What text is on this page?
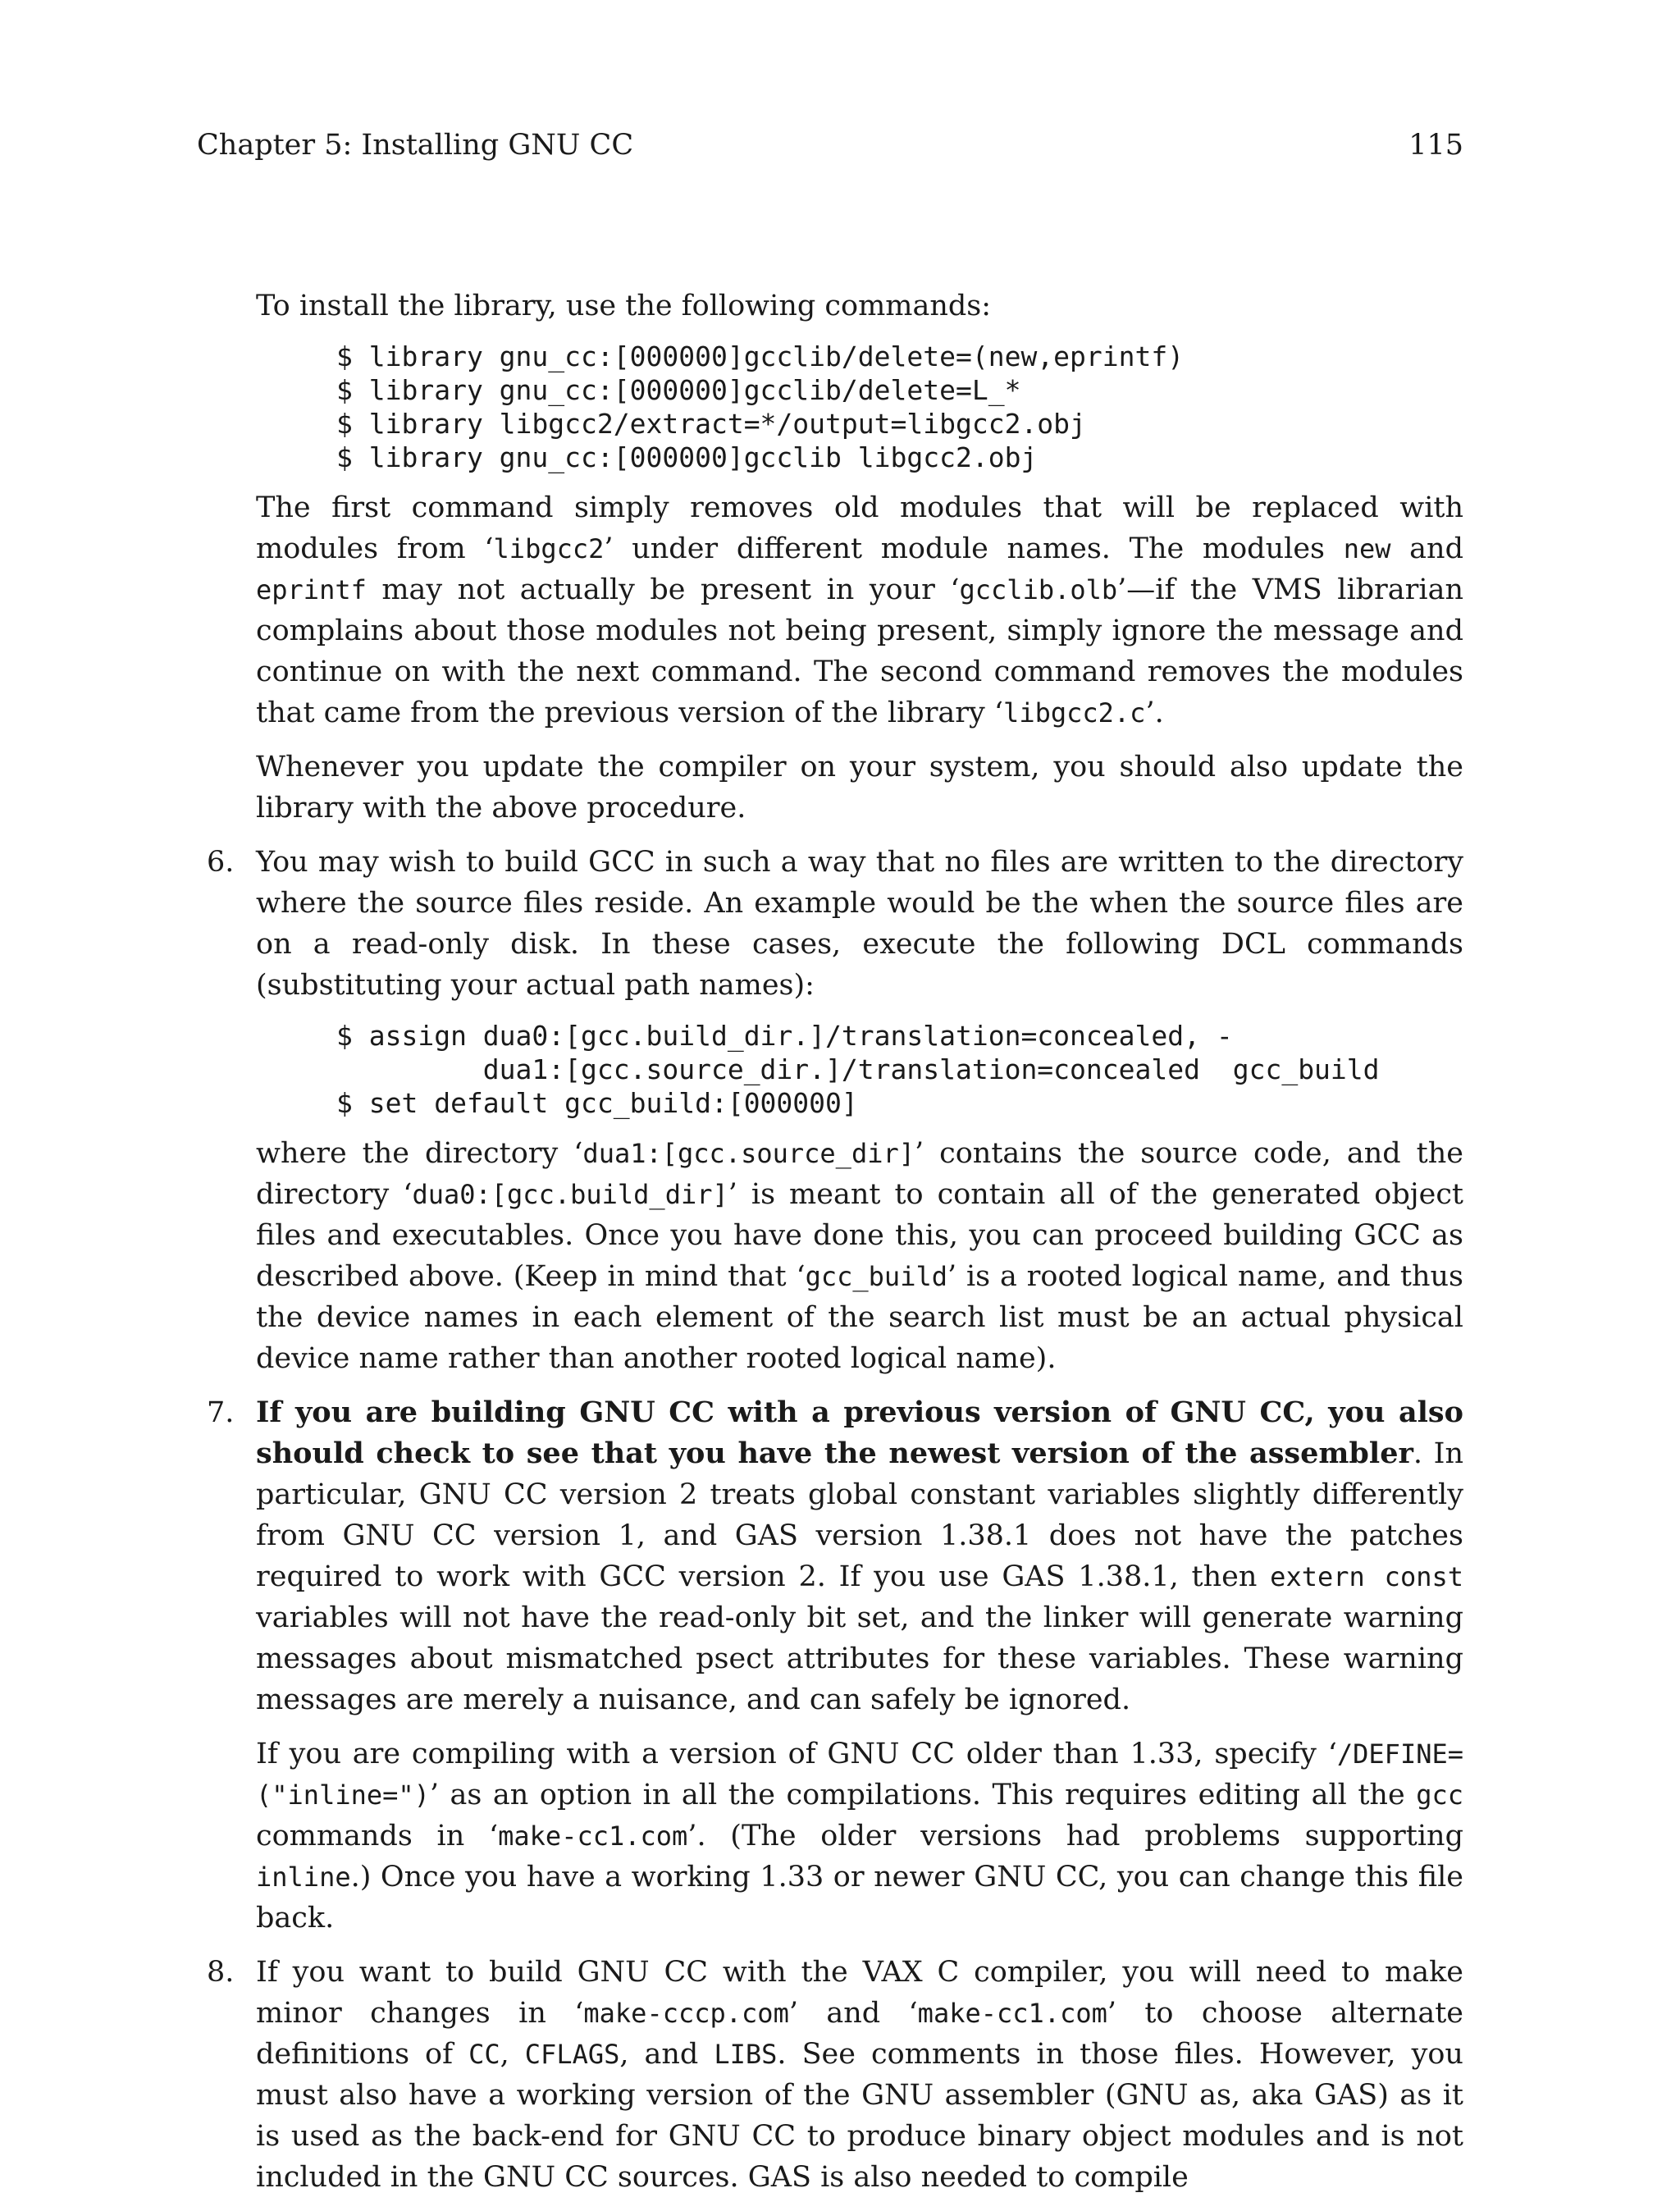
Chapter 5: Installing GNU CC	115

To install the library, use the following commands:

$ library gnu_cc:[000000]gcclib/delete=(new,eprintf)
$ library gnu_cc:[000000]gcclib/delete=L_*
$ library libgcc2/extract=*/output=libgcc2.obj
$ library gnu_cc:[000000]gcclib libgcc2.obj

The first command simply removes old modules that will be replaced with modules from ‘libgcc2’ under different module names. The modules new and eprintf may not actually be present in your ‘gcclib.olb’—if the VMS librarian complains about those modules not being present, simply ignore the message and continue on with the next command. The second command removes the modules that came from the previous version of the library ‘libgcc2.c’.

Whenever you update the compiler on your system, you should also update the library with the above procedure.

6. You may wish to build GCC in such a way that no files are written to the directory where the source files reside. An example would be the when the source files are on a read-only disk. In these cases, execute the following DCL commands (substituting your actual path names):

$ assign dua0:[gcc.build_dir.]/translation=concealed, -
dua1:[gcc.source_dir.]/translation=concealed  gcc_build
$ set default gcc_build:[000000]

where the directory ‘dua1:[gcc.source_dir]’ contains the source code, and the directory ‘dua0:[gcc.build_dir]’ is meant to contain all of the generated object files and executables. Once you have done this, you can proceed building GCC as described above. (Keep in mind that ‘gcc_build’ is a rooted logical name, and thus the device names in each element of the search list must be an actual physical device name rather than another rooted logical name).

7. If you are building GNU CC with a previous version of GNU CC, you also should check to see that you have the newest version of the assembler. In particular, GNU CC version 2 treats global constant variables slightly differently from GNU CC version 1, and GAS version 1.38.1 does not have the patches required to work with GCC version 2. If you use GAS 1.38.1, then extern const variables will not have the read-only bit set, and the linker will generate warning messages about mismatched psect attributes for these variables. These warning messages are merely a nuisance, and can safely be ignored.

If you are compiling with a version of GNU CC older than 1.33, specify ‘/DEFINE=("inline=")’ as an option in all the compilations. This requires editing all the gcc commands in ‘make-cc1.com’. (The older versions had problems supporting inline.) Once you have a working 1.33 or newer GNU CC, you can change this file back.

8. If you want to build GNU CC with the VAX C compiler, you will need to make minor changes in ‘make-cccp.com’ and ‘make-cc1.com’ to choose alternate definitions of CC, CFLAGS, and LIBS. See comments in those files. However, you must also have a working version of the GNU assembler (GNU as, aka GAS) as it is used as the back-end for GNU CC to produce binary object modules and is not included in the GNU CC sources. GAS is also needed to compile
